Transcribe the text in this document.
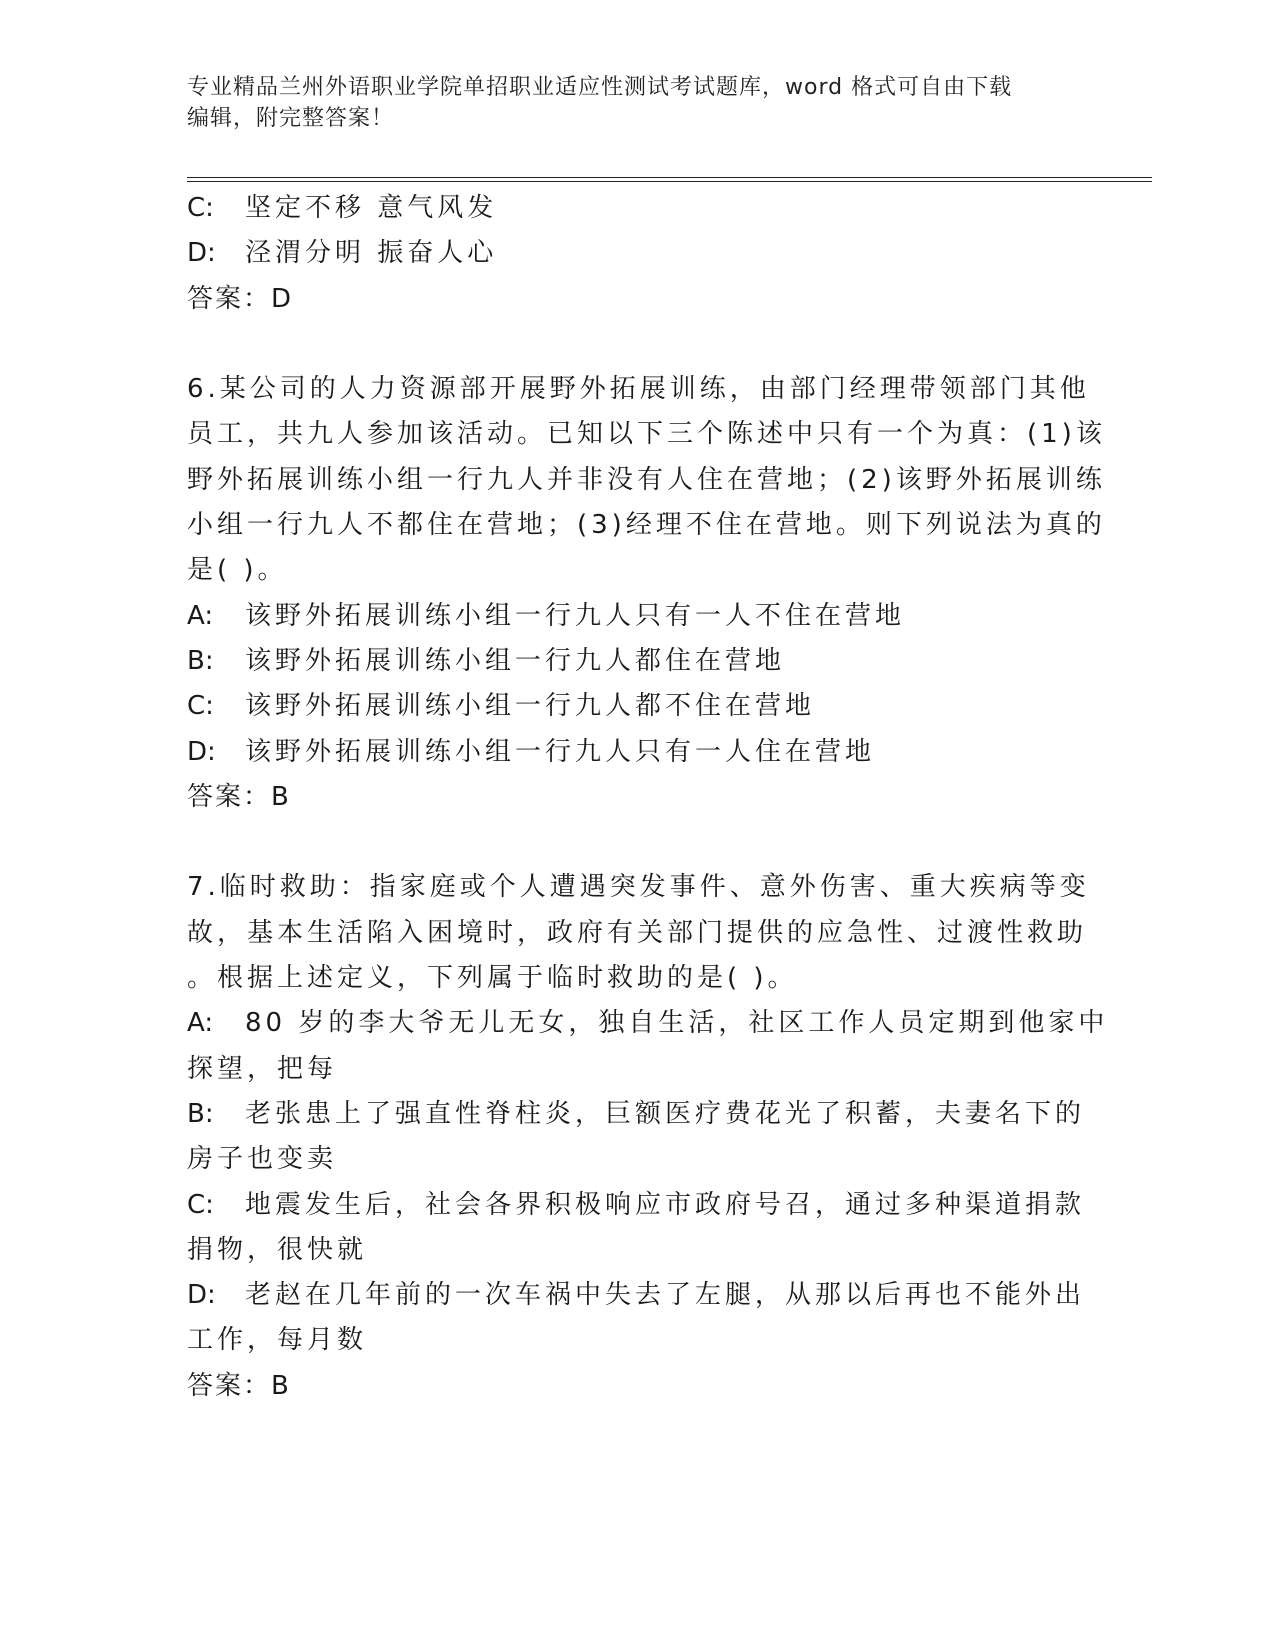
专业精品兰州外语职业学院单招职业适应性测试考试题库，word 格式可自由下载
编辑，附完整答案！
C: 坚定不移 意气风发
D: 泾渭分明 振奋人心
答案：D
6.某公司的人力资源部开展野外拓展训练，由部门经理带领部门其他
员工，共九人参加该活动。已知以下三个陈述中只有一个为真：(1)该
野外拓展训练小组一行九人并非没有人住在营地；(2)该野外拓展训练
小组一行九人不都住在营地；(3)经理不住在营地。则下列说法为真的
是( )。
A: 该野外拓展训练小组一行九人只有一人不住在营地
B: 该野外拓展训练小组一行九人都住在营地
C: 该野外拓展训练小组一行九人都不住在营地
D: 该野外拓展训练小组一行九人只有一人住在营地
答案：B
7.临时救助：指家庭或个人遭遇突发事件、意外伤害、重大疾病等变
故，基本生活陷入困境时，政府有关部门提供的应急性、过渡性救助
。根据上述定义，下列属于临时救助的是( )。
A: 80 岁的李大爷无儿无女，独自生活，社区工作人员定期到他家中
探望，把每
B: 老张患上了强直性脊柱炎，巨额医疗费花光了积蓄，夫妻名下的
房子也变卖
C: 地震发生后，社会各界积极响应市政府号召，通过多种渠道捐款
捐物，很快就
D: 老赵在几年前的一次车祸中失去了左腿，从那以后再也不能外出
工作，每月数
答案：B
